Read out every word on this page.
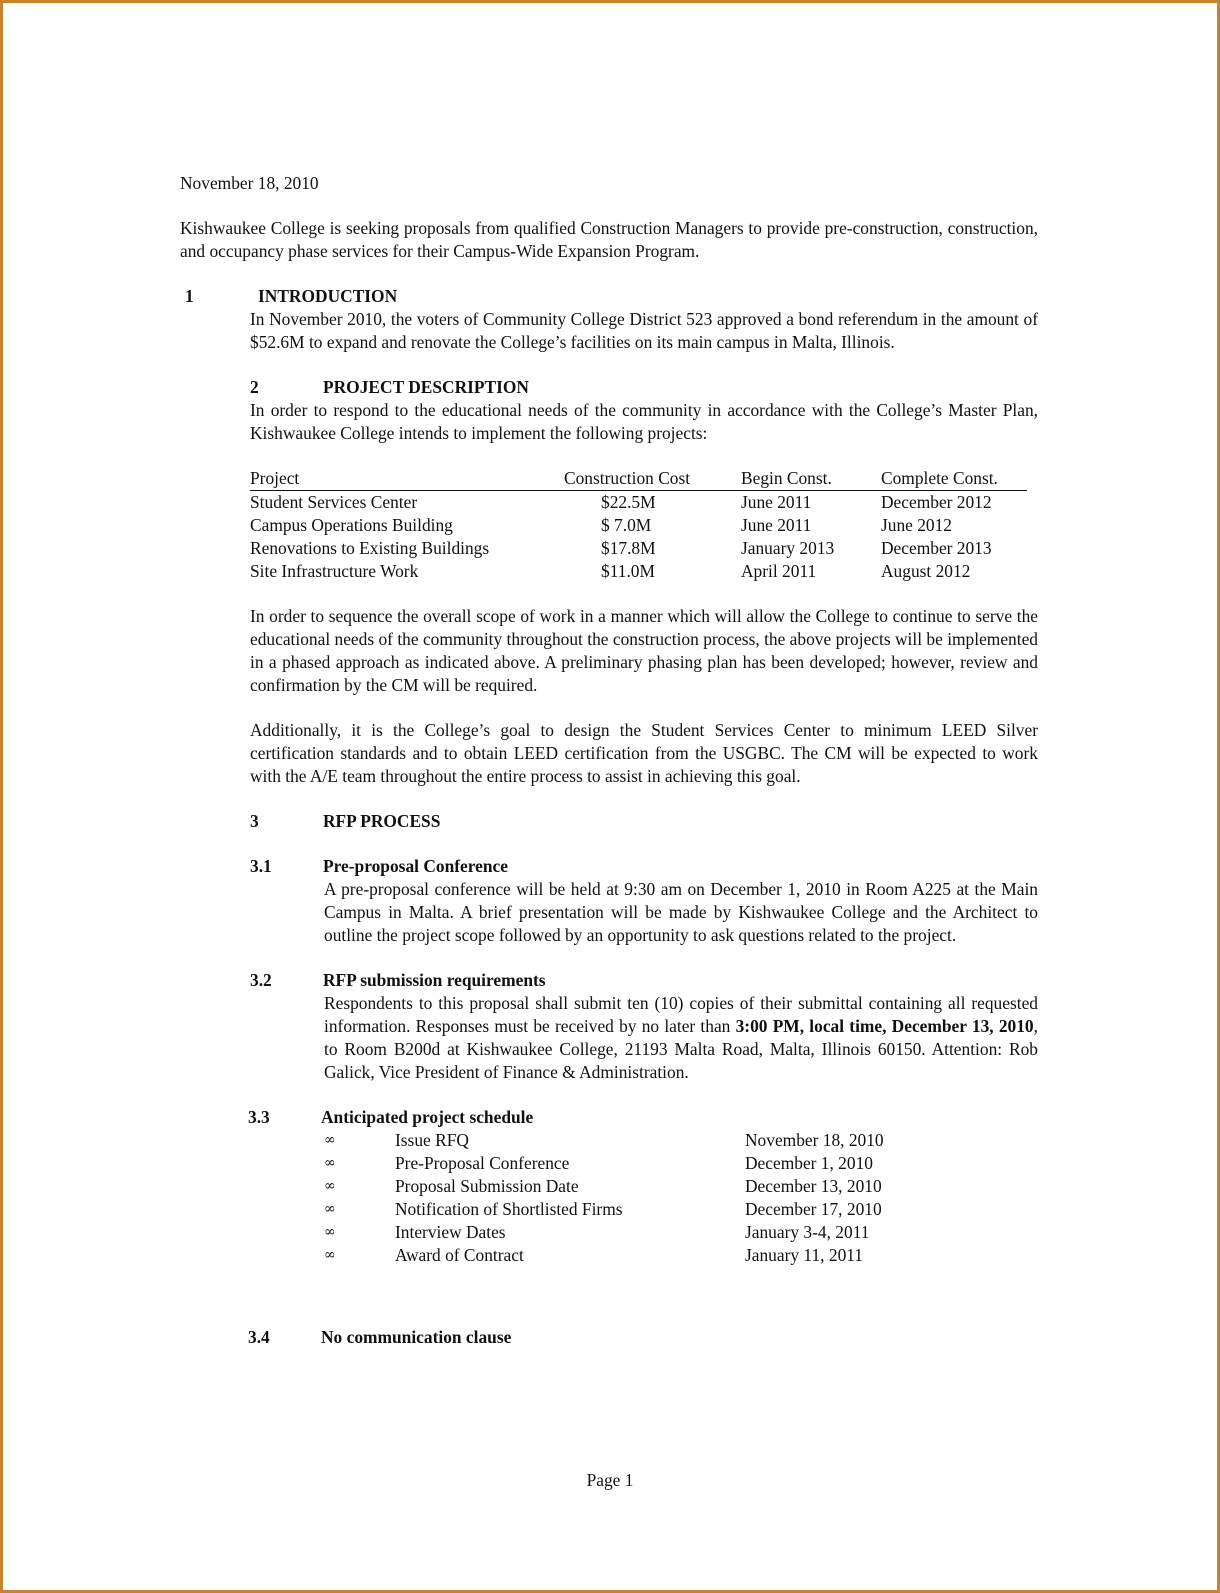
November 18, 2010

Kishwaukee College is seeking proposals from qualified Construction Managers to provide pre-construction, construction, and occupancy phase services for their Campus-Wide Expansion Program.

1	INTRODUCTION

In November 2010, the voters of Community College District 523 approved a bond referendum in the amount of $52.6M to expand and renovate the College’s facilities on its main campus in Malta, Illinois.

2	PROJECT DESCRIPTION

In order to respond to the educational needs of the community in accordance with the College’s Master Plan, Kishwaukee College intends to implement the following projects:

Project	Construction Cost	Begin Const.	Complete Const.
Student Services Center	$22.5M	June 2011	December 2012
Campus Operations Building	$ 7.0M	June 2011	June 2012
Renovations to Existing Buildings	$17.8M	January 2013	December 2013
Site Infrastructure Work	$11.0M	April 2011	August 2012

In order to sequence the overall scope of work in a manner which will allow the College to continue to serve the educational needs of the community throughout the construction process, the above projects will be implemented in a phased approach as indicated above. A preliminary phasing plan has been developed; however, review and confirmation by the CM will be required.

Additionally, it is the College’s goal to design the Student Services Center to minimum LEED Silver certification standards and to obtain LEED certification from the USGBC. The CM will be expected to work with the A/E team throughout the entire process to assist in achieving this goal.

3	RFP PROCESS
3.1	Pre-proposal Conference

A pre-proposal conference will be held at 9:30 am on December 1, 2010 in Room A225 at the Main Campus in Malta. A brief presentation will be made by Kishwaukee College and the Architect to outline the project scope followed by an opportunity to ask questions related to the project.

3.2	RFP submission requirements

Respondents to this proposal shall submit ten (10) copies of their submittal containing all requested information. Responses must be received by no later than 3:00 PM, local time, December 13, 2010, to Room B200d at Kishwaukee College, 21193 Malta Road, Malta, Illinois 60150. Attention: Rob Galick, Vice President of Finance & Administration.

3.3	Anticipated project schedule
∞	Issue RFQ	November 18, 2010
∞	Pre-Proposal Conference	December 1, 2010
∞	Proposal Submission Date	December 13, 2010
∞	Notification of Shortlisted Firms	December 17, 2010
∞	Interview Dates	January 3-4, 2011
∞	Award of Contract	January 11, 2011
3.4	No communication clause
Page 1
